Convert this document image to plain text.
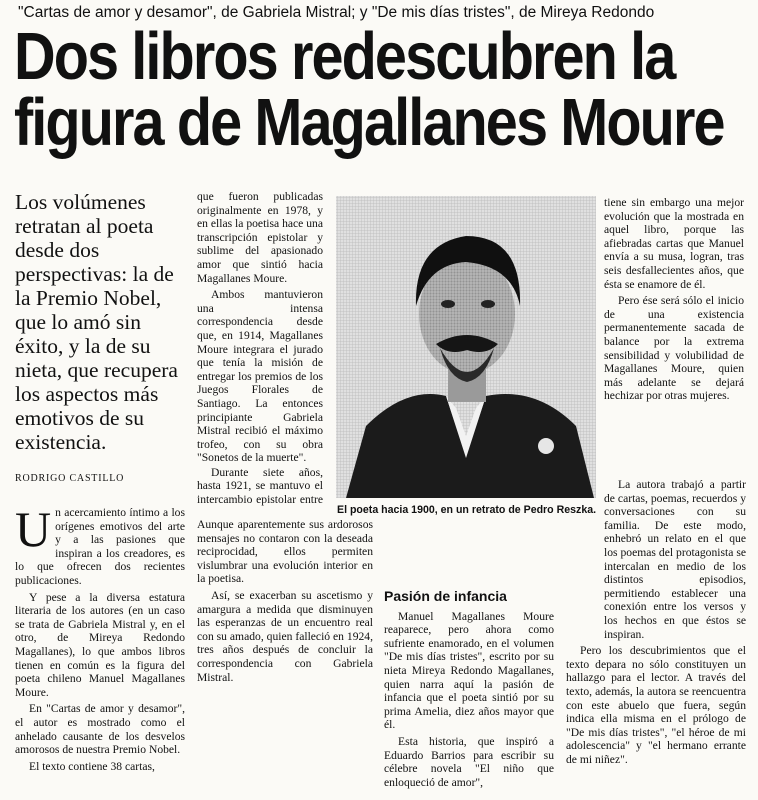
"Cartas de amor y desamor", de Gabriela Mistral; y "De mis días tristes", de Mireya Redondo
Dos libros redescubren la
figura de Magallanes Moure
Los volúmenes retratan al poeta desde dos perspectivas: la de la Premio Nobel, que lo amó sin éxito, y la de su nieta, que recupera los aspectos más emotivos de su existencia.
RODRIGO CASTILLO

Un acercamiento íntimo a los orígenes emotivos del arte y a las pasiones que inspiran a los creadores, es lo que ofrecen dos recientes publicaciones.

Y pese a la diversa estatura literaria de los autores (en un caso se trata de Gabriela Mistral y, en el otro, de Mireya Redondo Magallanes), lo que ambos libros tienen en común es la figura del poeta chileno Manuel Magallanes Moure.

En "Cartas de amor y desamor", el autor es mostrado como el anhelado causante de los desvelos amorosos de nuestra Premio Nobel.

El texto contiene 38 cartas,

que fueron publicadas originalmente en 1978, y en ellas la poetisa hace una transcripción epistolar y sublime del apasionado amor que sintió hacia Magallanes Moure.

Ambos mantuvieron una intensa correspondencia desde que, en 1914, Magallanes Moure integrara el jurado que tenía la misión de entregar los premios de los Juegos Florales de Santiago. La entonces principiante Gabriela Mistral recibió el máximo trofeo, con su obra "Sonetos de la muerte".

Durante siete años, hasta 1921, se mantuvo el intercambio epistolar entre

Aunque aparentemente sus ardorosos mensajes no contaron con la deseada reciprocidad, ellos permiten vislumbrar una evolución interior en la poetisa.

Así, se exacerban su ascetismo y amargura a medida que disminuyen las esperanzas de un encuentro real con su amado, quien falleció en 1924, tres años después de concluir la correspondencia con Gabriela Mistral.

El poeta hacia 1900, en un retrato de Pedro Reszka.
Pasión de infancia

Manuel Magallanes Moure reaparece, pero ahora como sufriente enamorado, en el volumen "De mis días tristes", escrito por su nieta Mireya Redondo Magallanes, quien narra aquí la pasión de infancia que el poeta sintió por su prima Amelia, diez años mayor que él.

Esta historia, que inspiró a Eduardo Barrios para escribir su célebre novela "El niño que enloqueció de amor",

tiene sin embargo una mejor evolución que la mostrada en aquel libro, porque las afiebradas cartas que Manuel envía a su musa, logran, tras seis desfallecientes años, que ésta se enamore de él.

Pero ése será sólo el inicio de una existencia permanentemente sacada de balance por la extrema sensibilidad y volubilidad de Magallanes Moure, quien más adelante se dejará hechizar por otras mujeres.

La autora trabajó a partir de cartas, poemas, recuerdos y conversaciones con su familia. De este modo, enhebró un relato en el que los poemas del protagonista se intercalan en medio de los distintos episodios, permitiendo establecer una conexión entre los versos y los hechos en que éstos se inspiran.

Pero los descubrimientos que el texto depara no sólo constituyen un hallazgo para el lector. A través del texto, además, la autora se reencuentra con este abuelo que fuera, según indica ella misma en el prólogo de "De mis días tristes", "el héroe de mi adolescencia" y "el hermano errante de mi niñez".
